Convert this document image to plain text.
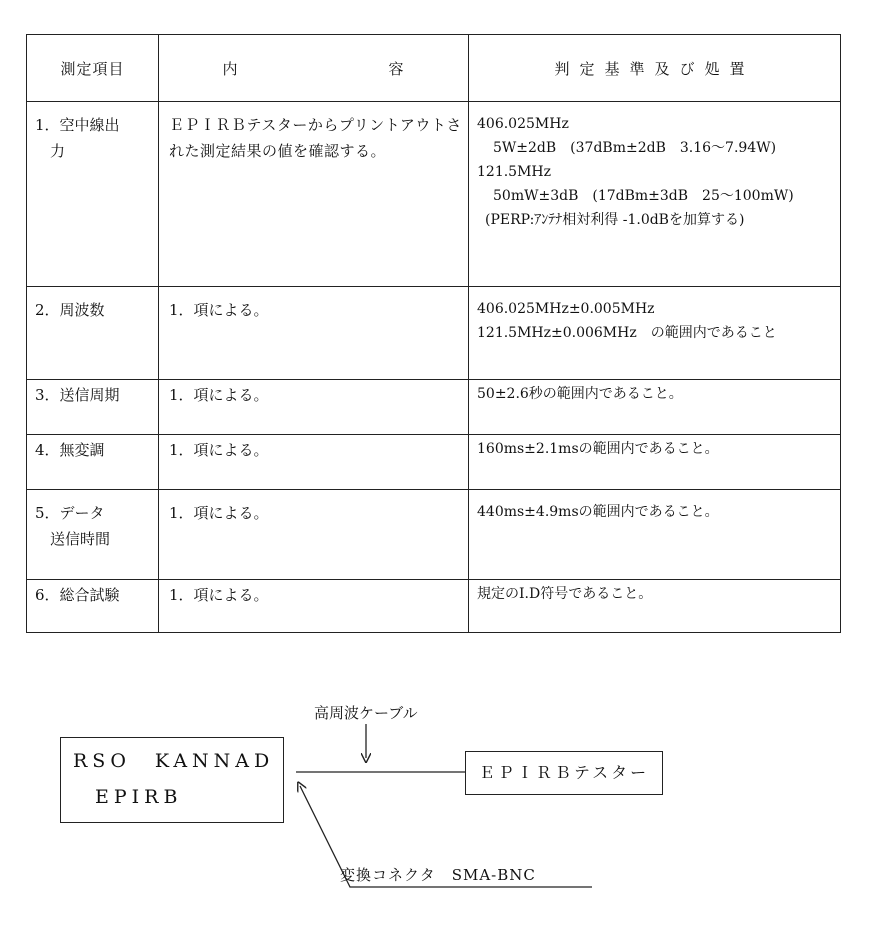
測定項目	内 容	判定基準及び処置
1．空中線出
　力	ＥＰＩＲＢテスターからプリントアウトされた測定結果の値を確認する。	406.025MHz
5W±2dB　(37dBm±2dB　3.16〜7.94W)
121.5MHz
50mW±3dB　(17dBm±3dB　25〜100mW)
(PERP:ｱﾝﾃﾅ相対利得 -1.0dBを加算する)

2．周波数	1．項による。	406.025MHz±0.005MHz
121.5MHz±0.006MHz　の範囲内であること

3．送信周期	1．項による。	50±2.6秒の範囲内であること。

4．無変調	1．項による。	160ms±2.1msの範囲内であること。

5．データ
　送信時間	1．項による。	440ms±4.9msの範囲内であること。

6．総合試験	1．項による。	規定のI.D符号であること。
RSO　KANNAD
EPIRB
ＥＰＩＲＢテスター
高周波ケーブル
変換コネクタ　SMA-BNC
